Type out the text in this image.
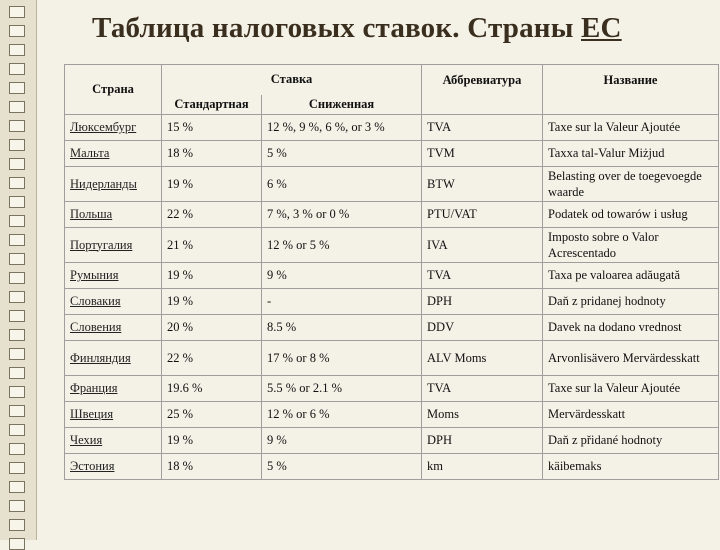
Таблица налоговых ставок. Страны ЕС
Страна	Ставка		Аббревиатура	Название
	Стандартная	Сниженная		
Люксембург	15 %	12 %, 9 %, 6 %, or 3 %	TVA	Taxe sur la Valeur Ajoutée
Мальта	18 %	5 %	TVM	Taxxa tal-Valur Miżjud
Нидерланды	19 %	6 %	BTW	Belasting over de toegevoegde waarde
Польша	22 %	7 %, 3 % or 0 %	PTU/VAT	Podatek od towarów i usług
Португалия	21 %	12 % or 5 %	IVA	Imposto sobre o Valor Acrescentado
Румыния	19 %	9 %	TVA	Taxa pe valoarea adăugată
Словакия	19 %	-	DPH	Daň z pridanej hodnoty
Словения	20 %	8.5 %	DDV	Davek na dodano vrednost
Финляндия	22 %	17 % or 8 %	ALV Moms	Arvonlisävero Mervärdesskatt
Франция	19.6 %	5.5 % or 2.1 %	TVA	Taxe sur la Valeur Ajoutée
Швеция	25 %	12 % or 6 %	Moms	Mervärdesskatt
Чехия	19 %	9 %	DPH	Daň z přidané hodnoty
Эстония	18 %	5 %	km	käibemaks
